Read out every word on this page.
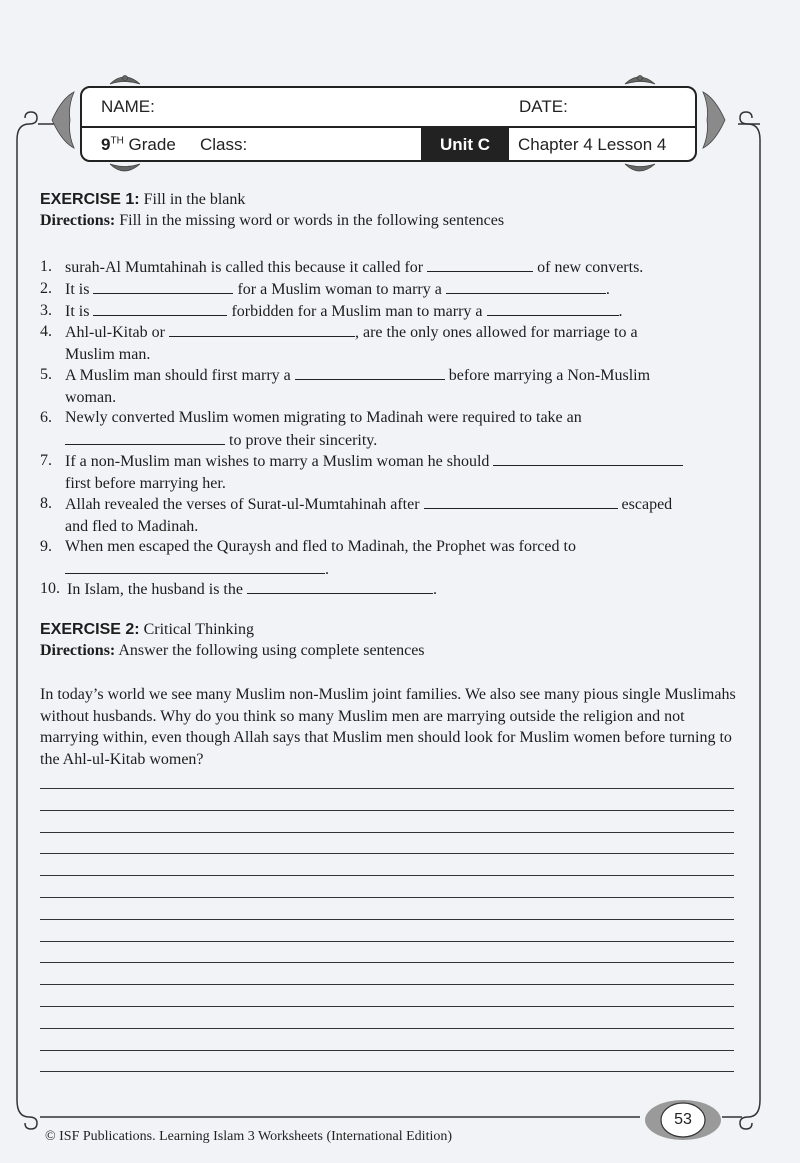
NAME:	DATE:
9TH Grade Class:	Unit C	Chapter 4 Lesson 4
EXERCISE 1: Fill in the blank
Directions: Fill in the missing word or words in the following sentences
1. surah-Al Mumtahinah is called this because it called for	of new converts.
2. It is	for a Muslim woman to marry a	.
3. It is	forbidden for a Muslim man to marry a	.
4. Ahl-ul-Kitab or	, are the only ones allowed for marriage to a
Muslim man.
5. A Muslim man should first marry a	before marrying a Non-Muslim
woman.
6. Newly converted Muslim women migrating to Madinah were required to take an
to prove their sincerity.
7. If a non-Muslim man wishes to marry a Muslim woman he should
first before marrying her.
8. Allah revealed the verses of Surat-ul-Mumtahinah after	escaped
and fled to Madinah.
9. When men escaped the Quraysh and fled to Madinah, the Prophet was forced to
.
10. In Islam, the husband is the	.
EXERCISE 2: Critical Thinking
Directions: Answer the following using complete sentences
In today’s world we see many Muslim non-Muslim joint families. We also see many pious single Muslimahs without husbands. Why do you think so many Muslim men are marrying outside the religion and not marrying within, even though Allah says that Muslim men should look for Muslim women before turning to the Ahl-ul-Kitab women?
53
© ISF Publications. Learning Islam 3 Worksheets (International Edition)
